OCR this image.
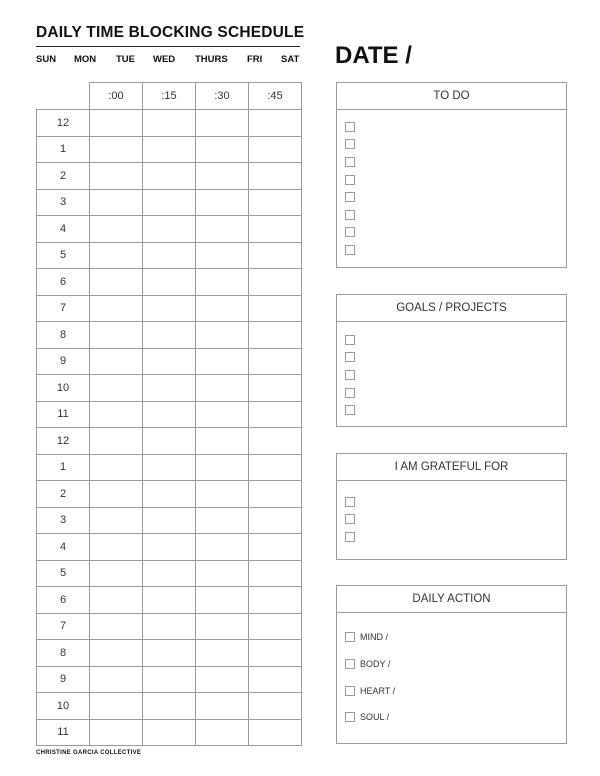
DAILY TIME BLOCKING SCHEDULE
SUN MON TUE WED THURS FRI SAT DATE /
	:00	:15	:30	:45
12				
1				
2				
3				
4				
5				
6				
7				
8				
9				
10				
11				
12				
1				
2				
3				
4				
5				
6				
7				
8				
9				
10				
11				
TO DO
GOALS / PROJECTS
I AM GRATEFUL FOR
DAILY ACTION
MIND /
BODY /
HEART /
SOUL /
CHRISTINE GARCIA COLLECTIVE
